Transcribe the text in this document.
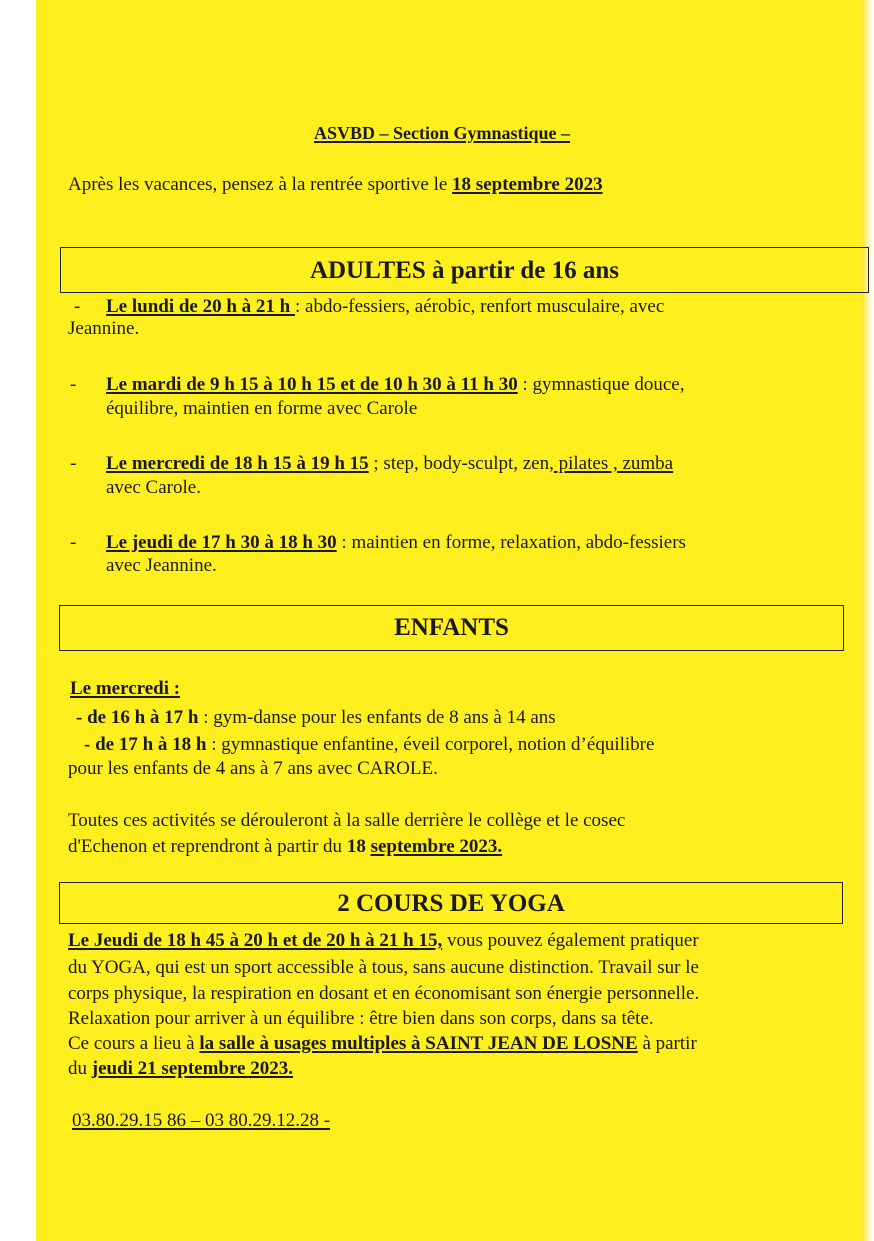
ASVBD – Section Gymnastique –
Après les vacances, pensez à la rentrée sportive le 18 septembre 2023
ADULTES à partir de 16 ans
- Le lundi de 20 h à 21 h : abdo-fessiers, aérobic, renfort musculaire, avec
Jeannine.
- Le mardi de 9 h 15 à 10 h 15 et de 10 h 30 à 11 h 30 : gymnastique douce,
équilibre, maintien en forme avec Carole
- Le mercredi de 18 h 15 à 19 h 15 ; step, body-sculpt, zen, pilates , zumba
avec Carole.
- Le jeudi de 17 h 30 à 18 h 30 : maintien en forme, relaxation, abdo-fessiers
avec Jeannine.
ENFANTS
Le mercredi :
- de 16 h à 17 h : gym-danse pour les enfants de 8 ans à 14 ans
- de 17 h à 18 h : gymnastique enfantine, éveil corporel, notion d’équilibre
pour les enfants de 4 ans à 7 ans avec CAROLE.
Toutes ces activités se dérouleront à la salle derrière le collège et le cosec
d'Echenon et reprendront à partir du 18 septembre 2023.
2 COURS DE YOGA
Le Jeudi de 18 h 45 à 20 h et de 20 h à 21 h 15, vous pouvez également pratiquer
du YOGA, qui est un sport accessible à tous, sans aucune distinction. Travail sur le
corps physique, la respiration en dosant et en économisant son énergie personnelle.
Relaxation pour arriver à un équilibre : être bien dans son corps, dans sa tête.
Ce cours a lieu à la salle à usages multiples à SAINT JEAN DE LOSNE à partir
du jeudi 21 septembre 2023.
03.80.29.15 86 – 03 80.29.12.28 -
